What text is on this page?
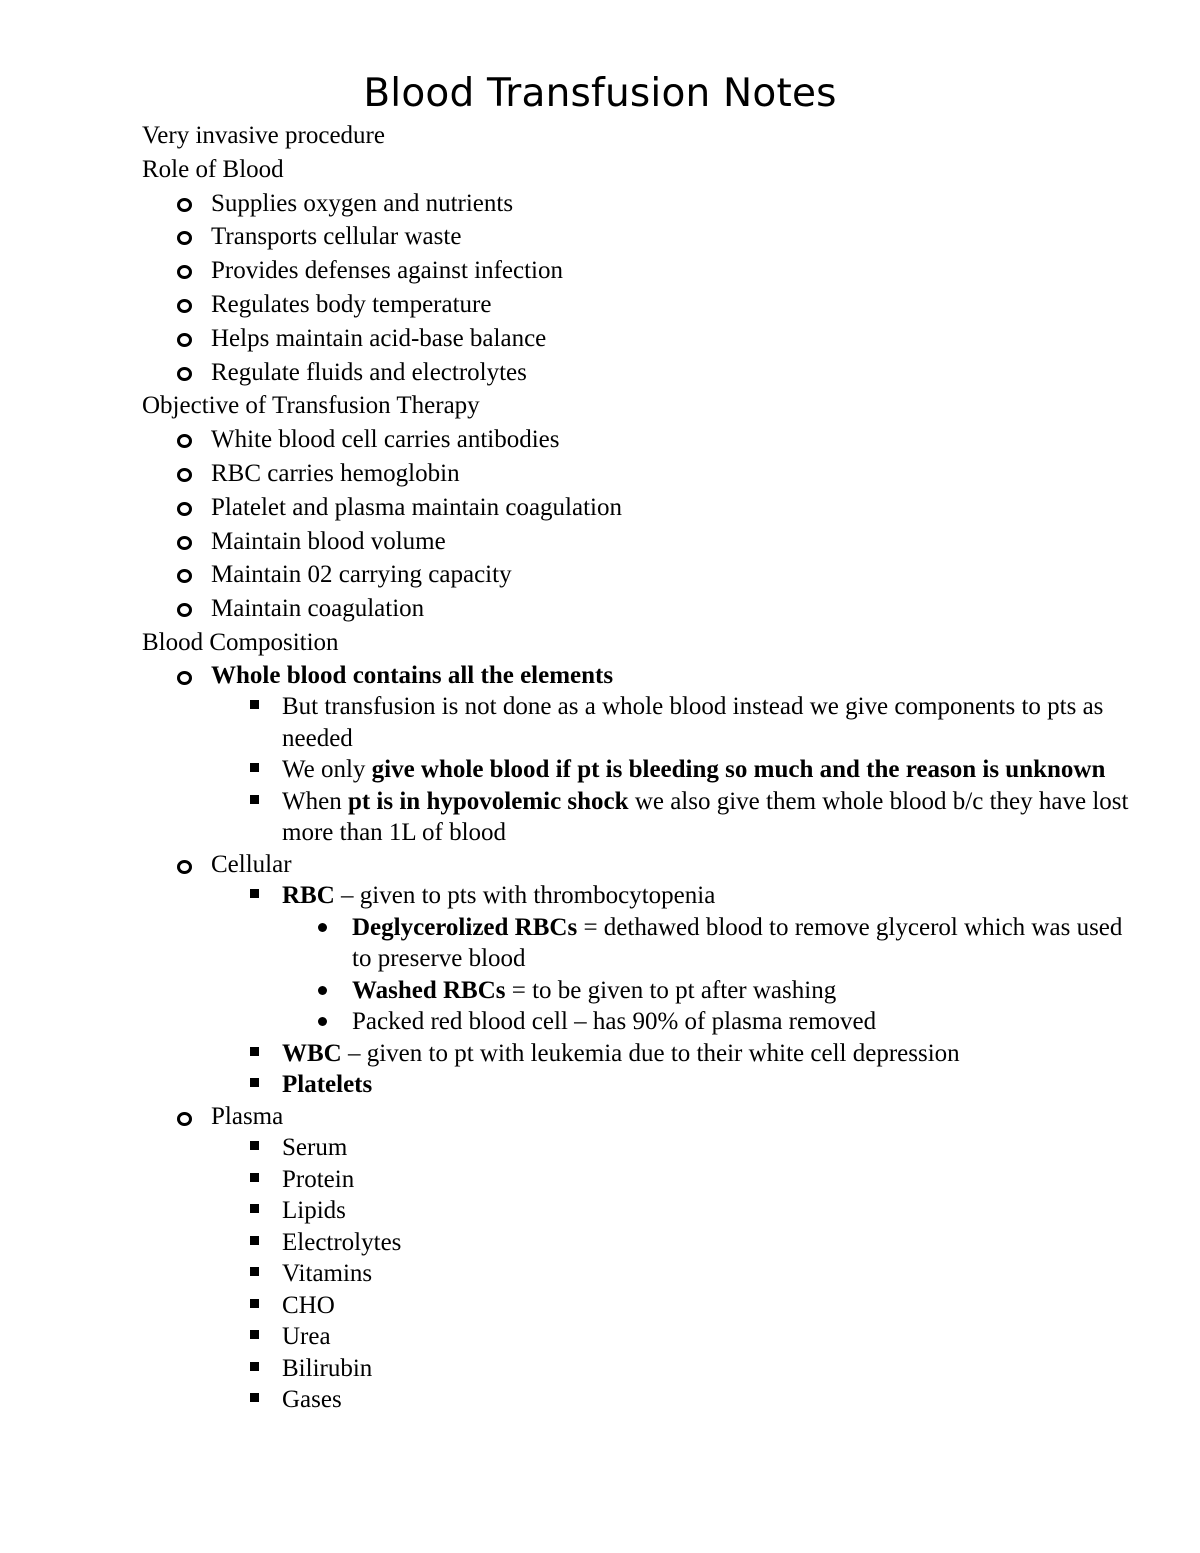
Blood Transfusion Notes

Very invasive procedure

Role of Blood

Supplies oxygen and nutrients

Transports cellular waste

Provides defenses against infection

Regulates body temperature

Helps maintain acid-base balance

Regulate fluids and electrolytes

Objective of Transfusion Therapy

White blood cell carries antibodies

RBC carries hemoglobin

Platelet and plasma maintain coagulation

Maintain blood volume

Maintain 02 carrying capacity

Maintain coagulation

Blood Composition

Whole blood contains all the elements

But transfusion is not done as a whole blood instead we give components to pts as needed

We only give whole blood if pt is bleeding so much and the reason is unknown

When pt is in hypovolemic shock we also give them whole blood b/c they have lost more than 1L of blood

Cellular

RBC – given to pts with thrombocytopenia

Deglycerolized RBCs = dethawed blood to remove glycerol which was used to preserve blood

Washed RBCs = to be given to pt after washing

Packed red blood cell – has 90% of plasma removed

WBC – given to pt with leukemia due to their white cell depression

Platelets

Plasma

Serum

Protein

Lipids

Electrolytes

Vitamins

CHO

Urea

Bilirubin

Gases
